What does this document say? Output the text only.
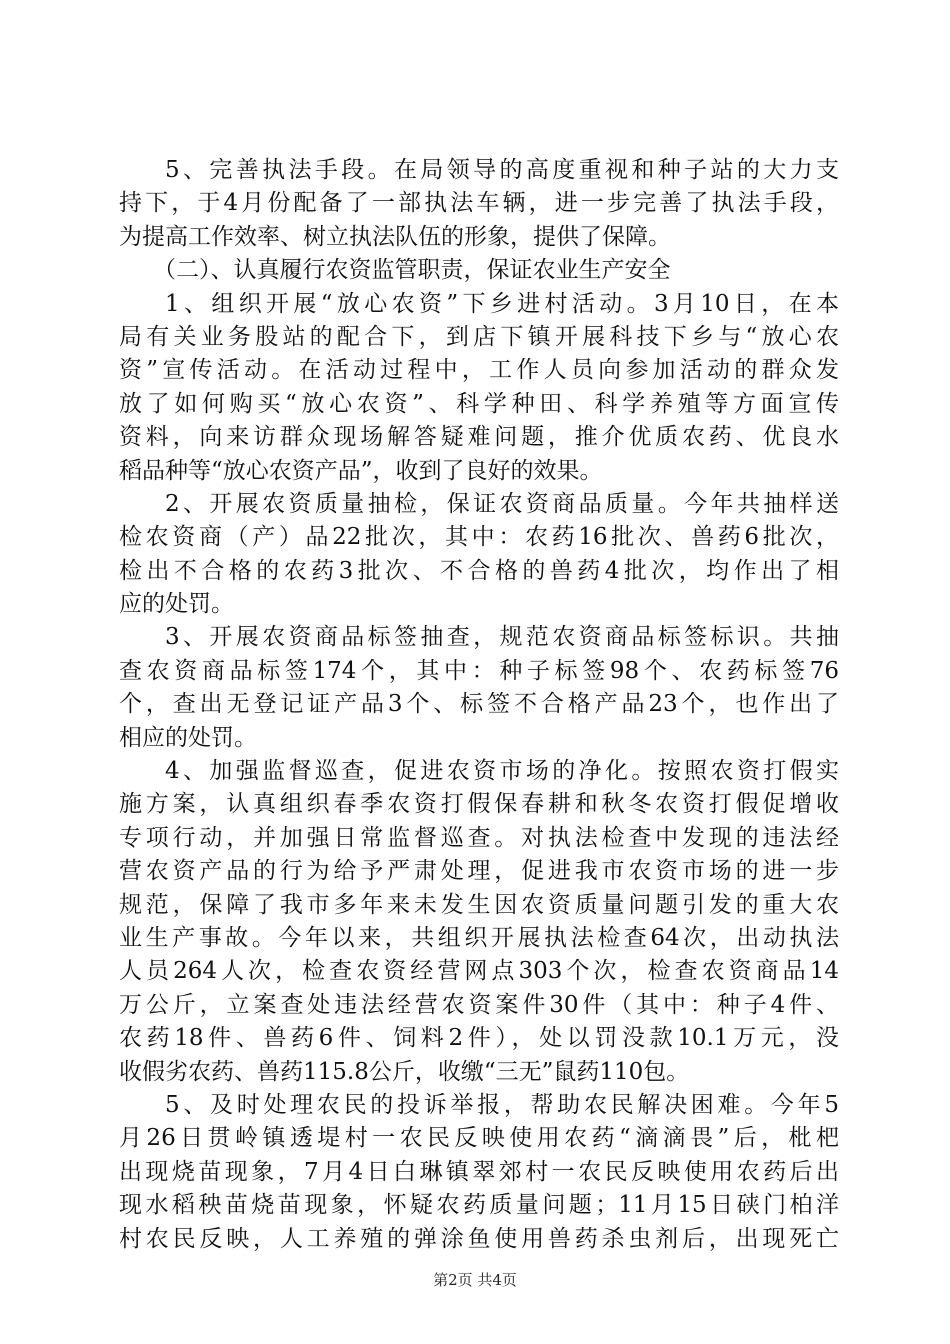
5、完善执法手段。在局领导的高度重视和种子站的大力支
持下，于4月份配备了一部执法车辆，进一步完善了执法手段，
为提高工作效率、树立执法队伍的形象，提供了保障。
（二）、认真履行农资监管职责，保证农业生产安全
1、组织开展“放心农资”下乡进村活动。3月10日，在本
局有关业务股站的配合下，到店下镇开展科技下乡与“放心农
资”宣传活动。在活动过程中，工作人员向参加活动的群众发
放了如何购买“放心农资”、科学种田、科学养殖等方面宣传
资料，向来访群众现场解答疑难问题，推介优质农药、优良水
稻品种等“放心农资产品”，收到了良好的效果。
2、开展农资质量抽检，保证农资商品质量。今年共抽样送
检农资商（产）品22批次，其中：农药16批次、兽药6批次，
检出不合格的农药3批次、不合格的兽药4批次，均作出了相
应的处罚。
3、开展农资商品标签抽查，规范农资商品标签标识。共抽
查农资商品标签174个，其中：种子标签98个、农药标签76
个，查出无登记证产品3个、标签不合格产品23个，也作出了
相应的处罚。
4、加强监督巡查，促进农资市场的净化。按照农资打假实
施方案，认真组织春季农资打假保春耕和秋冬农资打假促增收
专项行动，并加强日常监督巡查。对执法检查中发现的违法经
营农资产品的行为给予严肃处理，促进我市农资市场的进一步
规范，保障了我市多年来未发生因农资质量问题引发的重大农
业生产事故。今年以来，共组织开展执法检查64次，出动执法
人员264人次，检查农资经营网点303个次，检查农资商品14
万公斤，立案查处违法经营农资案件30件（其中：种子4件、
农药18件、兽药6件、饲料2件），处以罚没款10.1万元，没
收假劣农药、兽药115.8公斤，收缴“三无”鼠药110包。
5、及时处理农民的投诉举报，帮助农民解决困难。今年5
月26日贯岭镇透堤村一农民反映使用农药“滴滴畏”后，枇杷
出现烧苗现象，7月4日白琳镇翠郊村一农民反映使用农药后出
现水稻秧苗烧苗现象，怀疑农药质量问题；11月15日硖门柏洋
村农民反映，人工养殖的弹涂鱼使用兽药杀虫剂后，出现死亡
第2页 共4页
